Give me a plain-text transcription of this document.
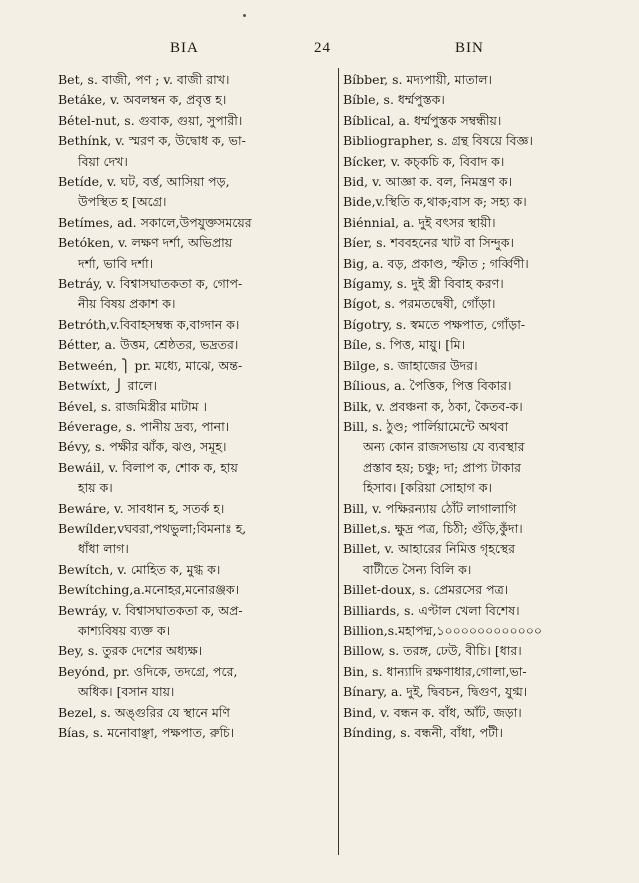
BIA	24	BIN
Bet, s. বাজী, পণ ; v. বাজী রাখ।
Betáke, v. অবলম্বন ক, প্রবৃত্ত হ।
Bétel-nut, s. গুবাক, গুয়া, সুপারী।
Bethínk, v. স্মরণ ক, উদ্বোধ ক, ভা-
বিয়া দেখ।
Betíde, v. ঘট, বর্ত্ত, আসিয়া পড়,
উপস্থিত হ [অগ্রে।
Betímes, ad. সকালে,উপযুক্তসময়ের
Betóken, v. লক্ষণ দর্শা, অভিপ্রায়
দর্শা, ভাবি দর্শা।
Betráy, v. বিশ্বাসঘাতকতা ক, গোপ-
নীয় বিষয় প্রকাশ ক।
Betróth,v.বিবাহসম্বন্ধ ক,বাগ্দান ক।
Bétter, a. উত্তম, শ্রেষ্ঠতর, ভদ্রতর।
Betweén, ⎫ pr. মধ্যে, মাঝে, অন্ত-
Betwíxt, ⎭ রালে।
Bével, s. রাজমিস্ত্রীর মাটাম ।
Béverage, s. পানীয় দ্রব্য, পানা।
Bévy, s. পক্ষীর ঝাঁক, ঝণ্ড, সমূহ।
Bewáil, v. বিলাপ ক, শোক ক, হায়
হায় ক।
Bewáre, v. সাবধান হ, সতর্ক হ।
Bewílder,vঘবরা,পথভুলা;বিমনাঃ হ,
ধাঁধা লাগ।
Bewítch, v. মোহিত ক, মুগ্ধ ক।
Bewítching,a.মনোহর,মনোরঞ্জক।
Bewráy, v. বিশ্বাসঘাতকতা ক, অপ্র-
কাশ্যবিষয় ব্যক্ত ক।
Bey, s. তুরক দেশের অধ্যক্ষ।
Beyónd, pr. ওদিকে, তদগ্রে, পরে,
অধিক। [বসান যায়।
Bezel, s. অঙ্গুরির যে স্থানে মণি
Bías, s. মনোবাঞ্ছা, পক্ষপাত, রুচি।
Bíbber, s. মদ্যপায়ী, মাতাল।
Bíble, s. ধর্ম্মপুস্তক।
Bíblical, a. ধর্ম্মপুস্তক সম্বন্ধীয়।
Bibliographer, s. গ্রন্থ বিষয়ে বিজ্ঞ।
Bícker, v. কচ্কচি ক, বিবাদ ক।
Bid, v. আজ্ঞা ক. বল, নিমন্ত্রণ ক।
Bide,v.স্থিতি ক,থাক;বাস ক; সহ্য ক।
Biénnial, a. দুই বৎসর স্থায়ী।
Bíer, s. শববহনের খাট বা সিন্দুক।
Big, a. বড়, প্রকাণ্ড, স্ফীত ; গর্ব্বিণী।
Bígamy, s. দুই স্ত্রী বিবাহ করণ।
Bígot, s. পরমতদ্বেষী, গোঁড়া।
Bígotry, s. স্বমতে পক্ষপাত, গোঁড়া-
Bíle, s. পিত্ত, মায়ু। [মি।
Bilge, s. জাহাজের উদর।
Bílious, a. পৈত্তিক, পিত্ত বিকার।
Bilk, v. প্রবঞ্চনা ক, ঠকা, কৈতব-ক।
Bill, s. ঠুণ্ড; পার্লিয়ামেন্টে অথবা
অন্য কোন রাজসভায় যে ব্যবস্থার
প্রস্তাব হয়; চঞ্চু; দা; প্রাপ্য টাকার
হিসাব। [করিয়া সোহাগ ক।
Bill, v. পক্ষিরন্যায় ঠোঁট লাগালাগি
Billet,s. ক্ষুদ্র পত্র, চিঠী; গুঁড়ি,কুঁদা।
Billet, v. আহারের নিমিত্ত গৃহস্থের
বাটীতে সৈন্য বিলি ক।
Billet-doux, s. প্রেমরসের পত্র।
Billiards, s. এণ্টাল খেলা বিশেষ।
Billion,s.মহাপদ্ম,১০০০০০০০০০০০০
Billow, s. তরঙ্গ, ঢেউ, বীচি। [ধার।
Bin, s. ধান্যাদি রক্ষণাধার,গোলা,ভা-
Bínary, a. দুই, দ্বিবচন, দ্বিগুণ, যুগ্ম।
Bind, v. বন্ধন ক. বাঁধ, আঁট, জড়া।
Bínding, s. বন্ধনী, বাঁধা, পটী।
